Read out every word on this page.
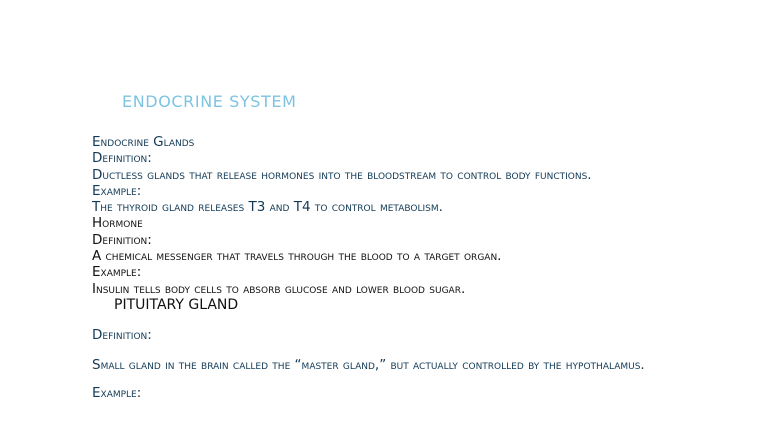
ENDOCRINE SYSTEM

Endocrine Glands

Definition:

Ductless glands that release hormones into the bloodstream to control body functions.

Example:

The thyroid gland releases T3 and T4 to control metabolism.

Hormone

Definition:

A chemical messenger that travels through the blood to a target organ.

Example:

Insulin tells body cells to absorb glucose and lower blood sugar.

PITUITARY GLAND

Definition:

Small gland in the brain called the “master gland,” but actually controlled by the hypothalamus.

Example:
